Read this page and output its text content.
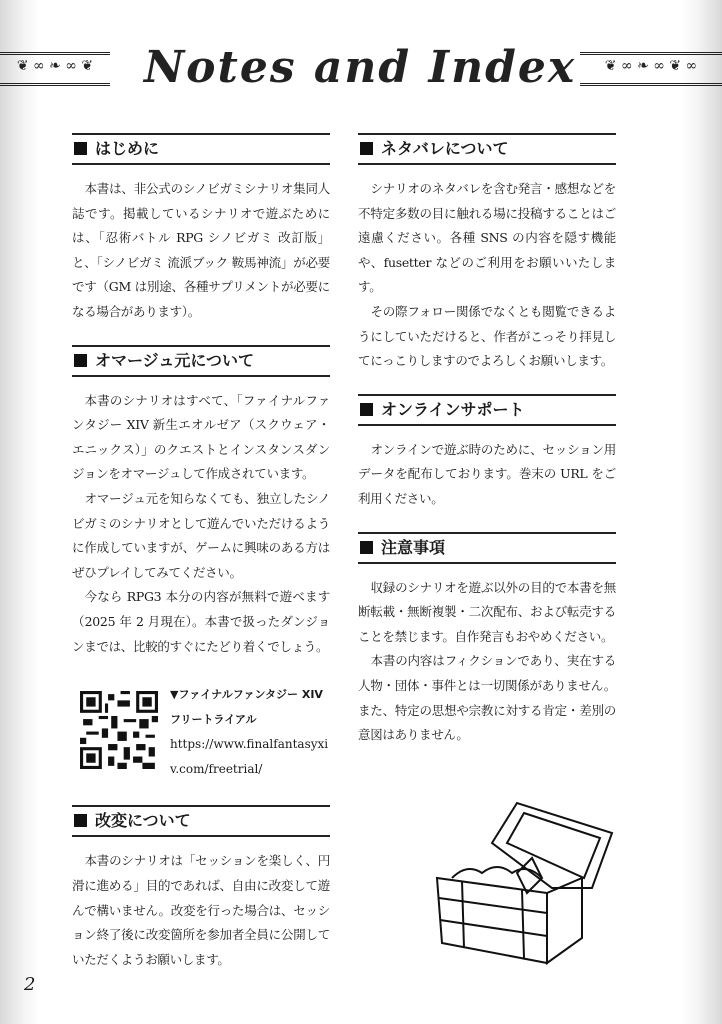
❦ ∞ ❧ ∞ ❦	❦ ∞ ❧ ∞ ❦ ∞
Notes and Index
はじめに

本書は、非公式のシノビガミシナリオ集同人誌です。掲載しているシナリオで遊ぶためには、「忍術バトル RPG シノビガミ 改訂版」と、「シノビガミ 流派ブック 鞍馬神流」が必要です（GM は別途、各種サプリメントが必要になる場合があります）。

オマージュ元について

本書のシナリオはすべて、「ファイナルファンタジー XIV 新生エオルゼア（スクウェア・エニックス）」のクエストとインスタンスダンジョンをオマージュして作成されています。

オマージュ元を知らなくても、独立したシノビガミのシナリオとして遊んでいただけるように作成していますが、ゲームに興味のある方はぜひプレイしてみてください。

今なら RPG3 本分の内容が無料で遊べます（2025 年 2 月現在）。本書で扱ったダンジョンまでは、比較的すぐにたどり着くでしょう。

▼ファイナルファンタジー XIV
フリートライアル
https://www.finalfantasyxiv.com/freetrial/
改変について

本書のシナリオは「セッションを楽しく、円滑に進める」目的であれば、自由に改変して遊んで構いません。改変を行った場合は、セッション終了後に改変箇所を参加者全員に公開していただくようお願いします。

ネタバレについて

シナリオのネタバレを含む発言・感想などを不特定多数の目に触れる場に投稿することはご遠慮ください。各種 SNS の内容を隠す機能や、fusetter などのご利用をお願いいたします。

その際フォロー関係でなくとも閲覧できるようにしていただけると、作者がこっそり拝見してにっこりしますのでよろしくお願いします。

オンラインサポート

オンラインで遊ぶ時のために、セッション用データを配布しております。巻末の URL をご利用ください。

注意事項

収録のシナリオを遊ぶ以外の目的で本書を無断転載・無断複製・二次配布、および転売することを禁じます。自作発言もおやめください。

本書の内容はフィクションであり、実在する人物・団体・事件とは一切関係がありません。また、特定の思想や宗教に対する肯定・差別の意図はありません。

2
